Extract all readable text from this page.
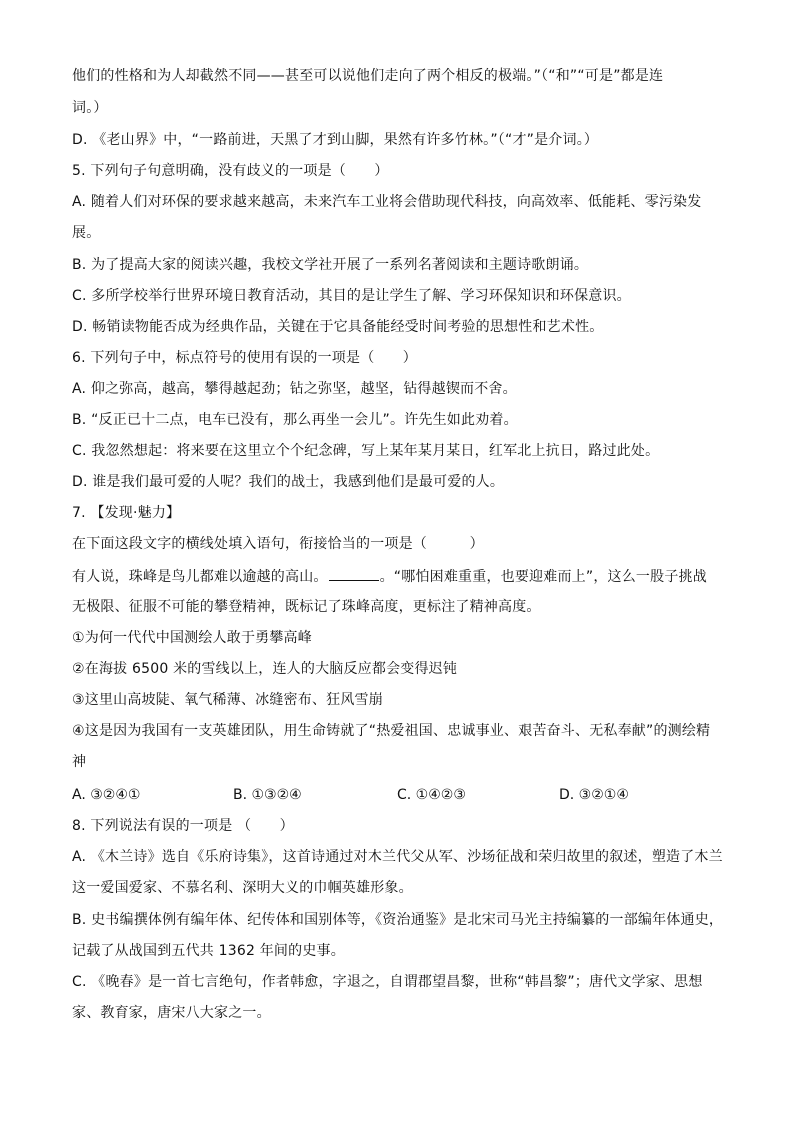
他们的性格和为人却截然不同——甚至可以说他们走向了两个相反的极端。”（“和”“可是”都是连
词。）
D. 《老山界》中，“一路前进，天黑了才到山脚，果然有许多竹林。”（“才”是介词。）
5. 下列句子句意明确，没有歧义的一项是（　　）
A. 随着人们对环保的要求越来越高，未来汽车工业将会借助现代科技，向高效率、低能耗、零污染发
展。
B. 为了提高大家的阅读兴趣，我校文学社开展了一系列名著阅读和主题诗歌朗诵。
C. 多所学校举行世界环境日教育活动，其目的是让学生了解、学习环保知识和环保意识。
D. 畅销读物能否成为经典作品，关键在于它具备能经受时间考验的思想性和艺术性。
6. 下列句子中，标点符号的使用有误的一项是（　　）
A. 仰之弥高，越高，攀得越起劲；钻之弥坚，越坚，钻得越锲而不舍。
B. “反正已十二点，电车已没有，那么再坐一会儿”。许先生如此劝着。
C. 我忽然想起：将来要在这里立个个纪念碑，写上某年某月某日，红军北上抗日，路过此处。
D. 谁是我们最可爱的人呢？我们的战士，我感到他们是最可爱的人。
7. 【发现·魅力】
在下面这段文字的横线处填入语句，衔接恰当的一项是（　　　）
有人说，珠峰是鸟儿都难以逾越的高山。	。“哪怕困难重重，也要迎难而上”，这么一股子挑战
无极限、征服不可能的攀登精神，既标记了珠峰高度，更标注了精神高度。
①为何一代代中国测绘人敢于勇攀高峰
②在海拔 6500 米的雪线以上，连人的大脑反应都会变得迟钝
③这里山高坡陡、氧气稀薄、冰缝密布、狂风雪崩
④这是因为我国有一支英雄团队，用生命铸就了“热爱祖国、忠诚事业、艰苦奋斗、无私奉献”的测绘精
神
A. ③②④①	B. ①③②④	C. ①④②③	D. ③②①④
8. 下列说法有误的一项是 （　　）
A. 《木兰诗》选自《乐府诗集》，这首诗通过对木兰代父从军、沙场征战和荣归故里的叙述，塑造了木兰
这一爱国爱家、不慕名利、深明大义的巾帼英雄形象。
B. 史书编撰体例有编年体、纪传体和国别体等，《资治通鉴》是北宋司马光主持编纂的一部编年体通史，
记载了从战国到五代共 1362 年间的史事。
C. 《晚春》是一首七言绝句，作者韩愈，字退之，自谓郡望昌黎，世称“韩昌黎”；唐代文学家、思想
家、教育家，唐宋八大家之一。
